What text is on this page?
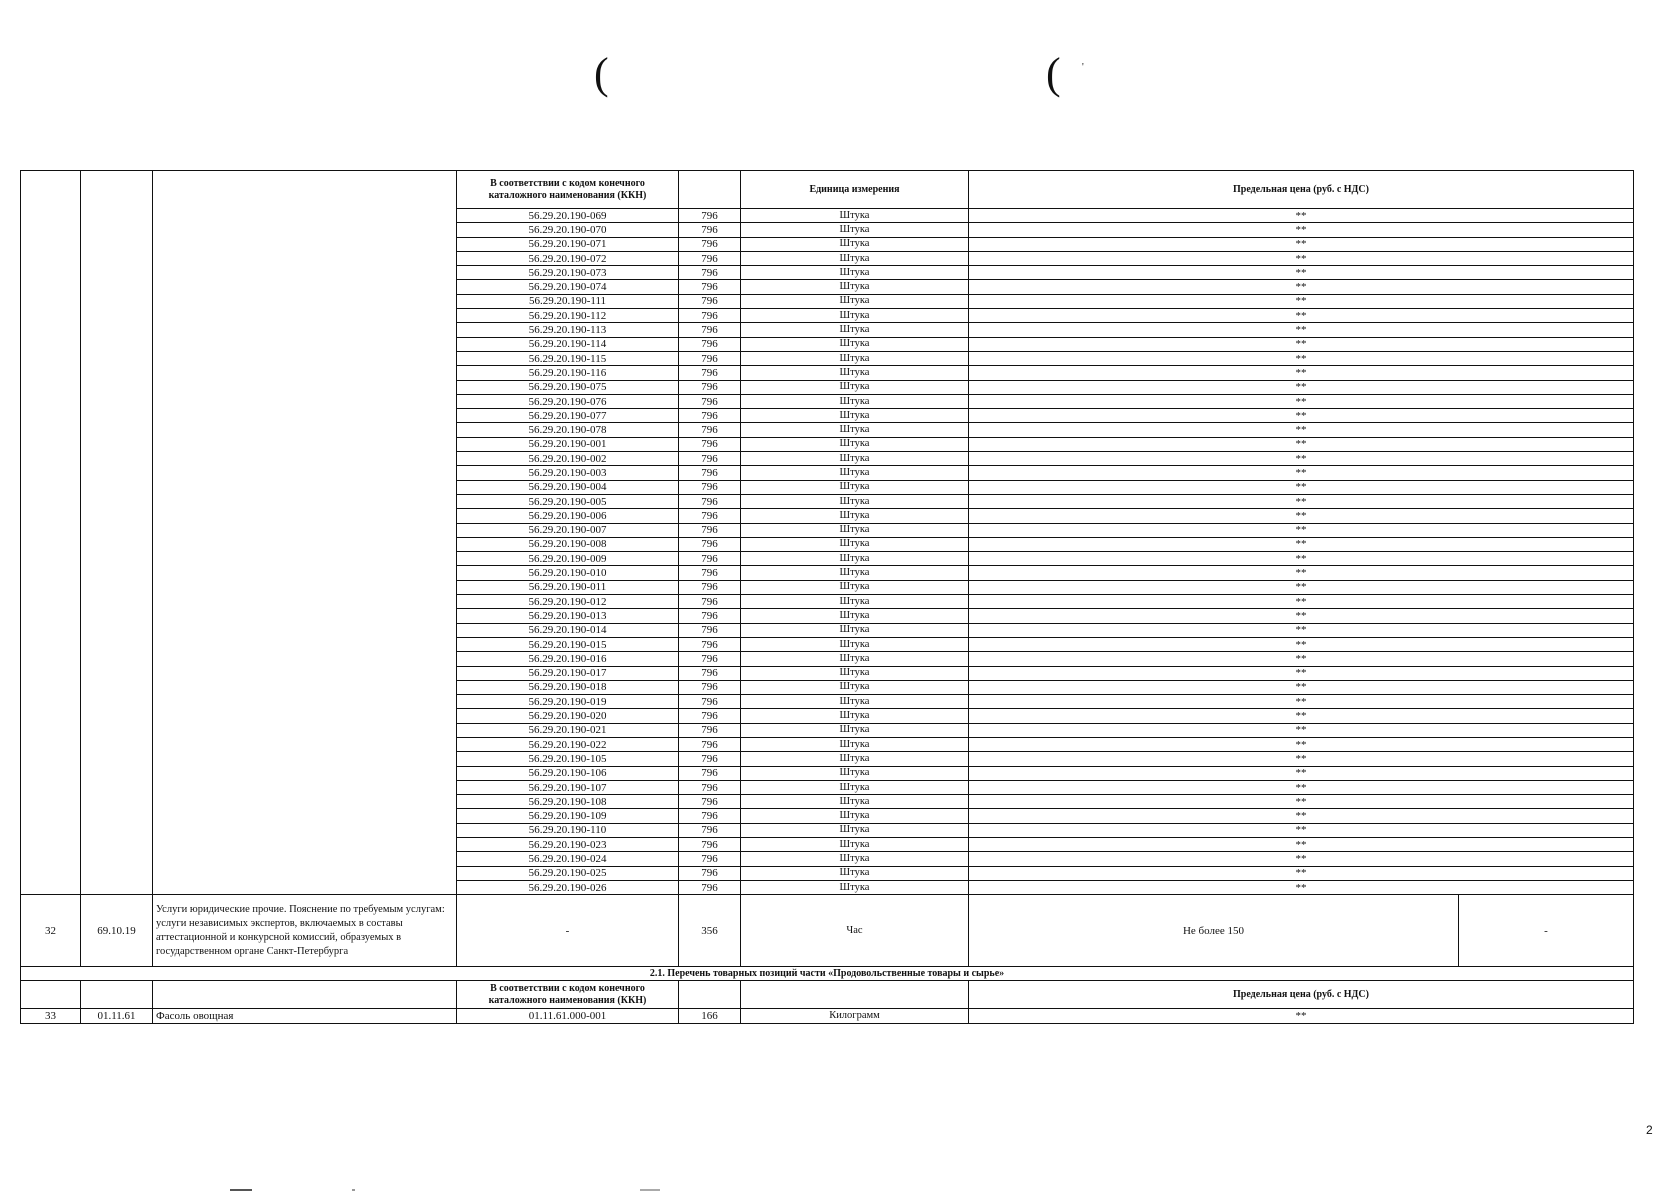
(	( '
			В соответствии с кодом конечного каталожного наименования (ККН)		Единица измерения	Предельная цена (руб. с НДС)	
			56.29.20.190-069	796	Штука	**	
			56.29.20.190-070	796	Штука	**	
			56.29.20.190-071	796	Штука	**	
			56.29.20.190-072	796	Штука	**	
			56.29.20.190-073	796	Штука	**	
			56.29.20.190-074	796	Штука	**	
			56.29.20.190-111	796	Штука	**	
			56.29.20.190-112	796	Штука	**	
			56.29.20.190-113	796	Штука	**	
			56.29.20.190-114	796	Штука	**	
			56.29.20.190-115	796	Штука	**	
			56.29.20.190-116	796	Штука	**	
			56.29.20.190-075	796	Штука	**	
			56.29.20.190-076	796	Штука	**	
			56.29.20.190-077	796	Штука	**	
			56.29.20.190-078	796	Штука	**	
			56.29.20.190-001	796	Штука	**	
			56.29.20.190-002	796	Штука	**	
			56.29.20.190-003	796	Штука	**	
			56.29.20.190-004	796	Штука	**	
			56.29.20.190-005	796	Штука	**	
			56.29.20.190-006	796	Штука	**	
			56.29.20.190-007	796	Штука	**	
			56.29.20.190-008	796	Штука	**	
			56.29.20.190-009	796	Штука	**	
			56.29.20.190-010	796	Штука	**	
			56.29.20.190-011	796	Штука	**	
			56.29.20.190-012	796	Штука	**	
			56.29.20.190-013	796	Штука	**	
			56.29.20.190-014	796	Штука	**	
			56.29.20.190-015	796	Штука	**	
			56.29.20.190-016	796	Штука	**	
			56.29.20.190-017	796	Штука	**	
			56.29.20.190-018	796	Штука	**	
			56.29.20.190-019	796	Штука	**	
			56.29.20.190-020	796	Штука	**	
			56.29.20.190-021	796	Штука	**	
			56.29.20.190-022	796	Штука	**	
			56.29.20.190-105	796	Штука	**	
			56.29.20.190-106	796	Штука	**	
			56.29.20.190-107	796	Штука	**	
			56.29.20.190-108	796	Штука	**	
			56.29.20.190-109	796	Штука	**	
			56.29.20.190-110	796	Штука	**	
			56.29.20.190-023	796	Штука	**	
			56.29.20.190-024	796	Штука	**	
			56.29.20.190-025	796	Штука	**	
			56.29.20.190-026	796	Штука	**	
32	69.10.19	Услуги юридические прочие. Пояснение по требуемым услугам: услуги независимых экспертов, включаемых в составы аттестационной и конкурсной комиссий, образуемых в государственном органе Санкт-Петербурга	-	356	Час	Не более 150	-
2.1. Перечень товарных позиций части «Продовольственные товары и сырье»							
			В соответствии с кодом конечного каталожного наименования (ККН)			Предельная цена (руб. с НДС)	
33	01.11.61	Фасоль овощная	01.11.61.000-001	166	Килограмм	**	
2
